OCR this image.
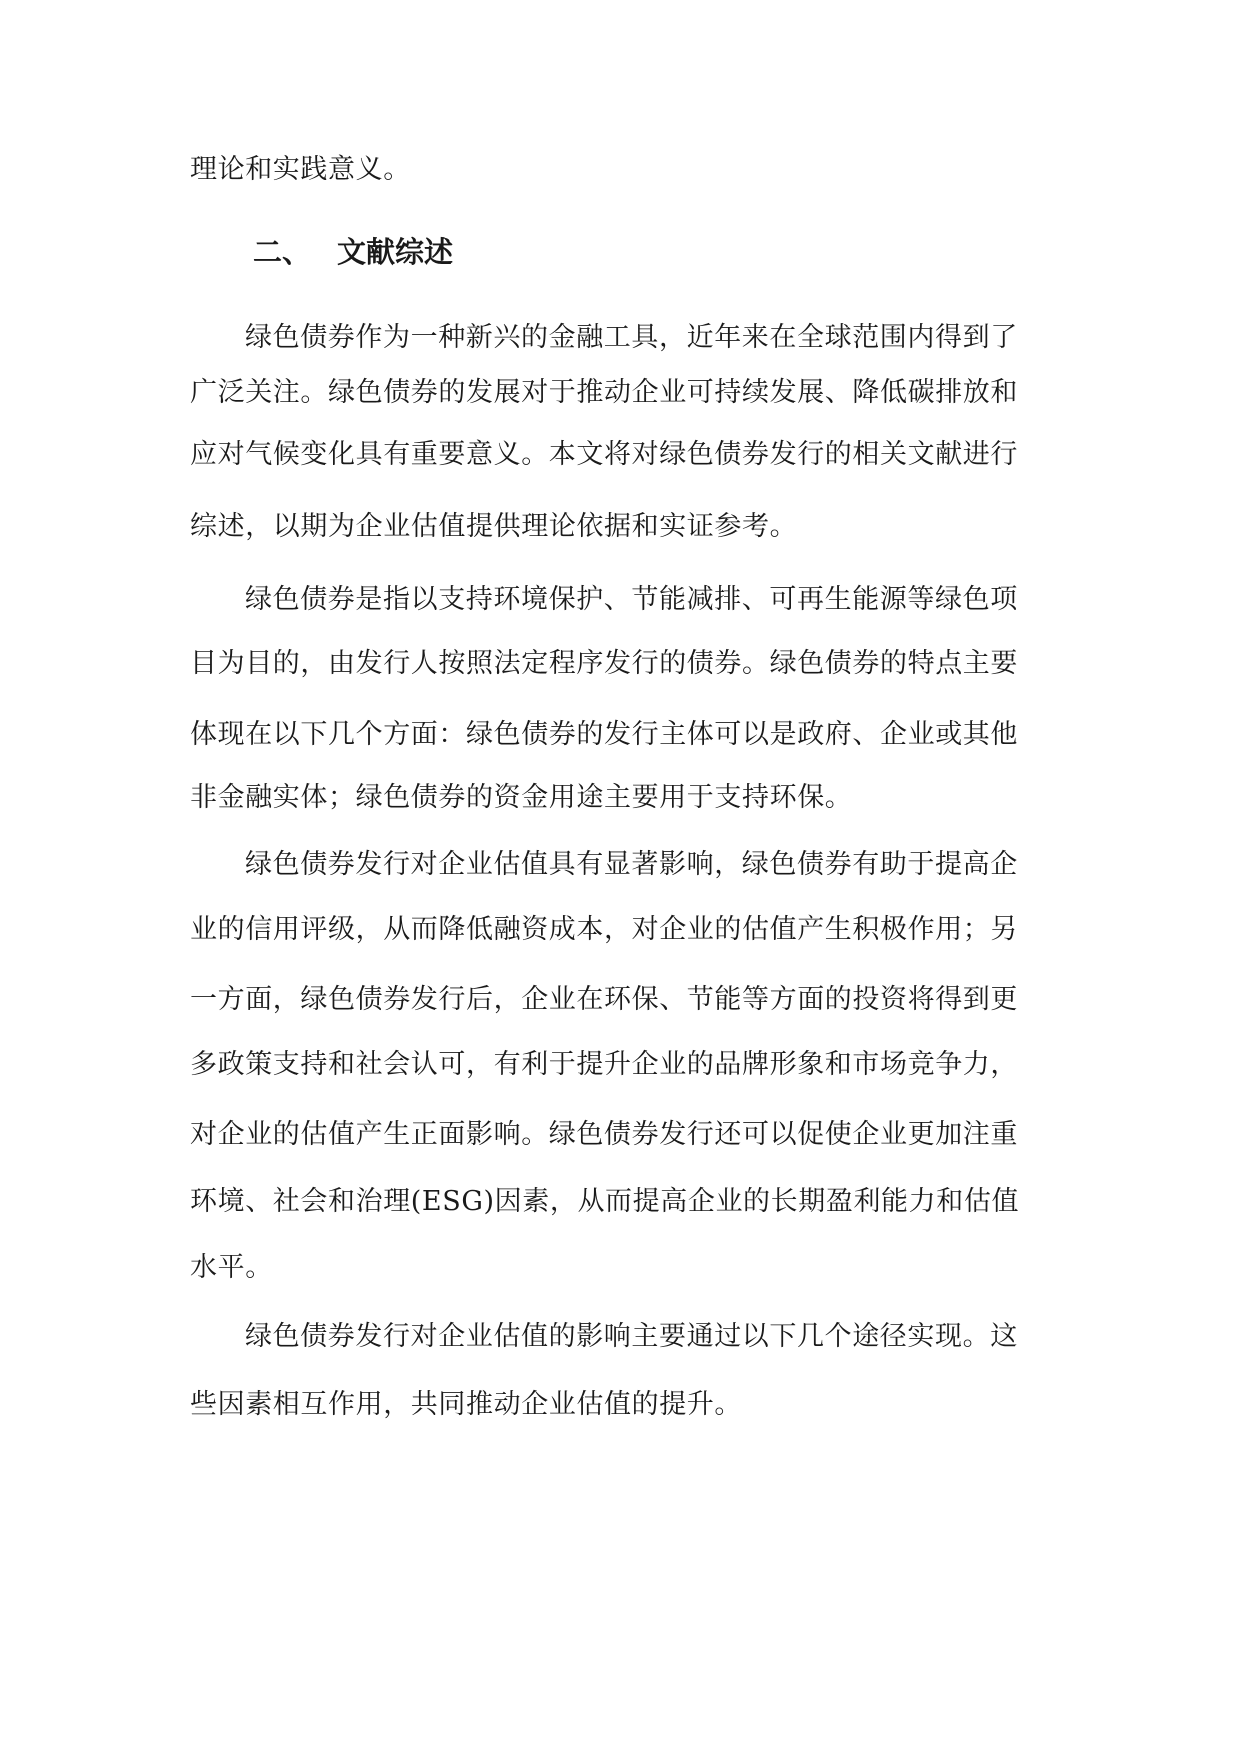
理论和实践意义。
二、 文献综述
绿色债券作为一种新兴的金融工具，近年来在全球范围内得到了
广泛关注。绿色债券的发展对于推动企业可持续发展、降低碳排放和
应对气候变化具有重要意义。本文将对绿色债券发行的相关文献进行
综述，以期为企业估值提供理论依据和实证参考。
绿色债券是指以支持环境保护、节能减排、可再生能源等绿色项
目为目的，由发行人按照法定程序发行的债券。绿色债券的特点主要
体现在以下几个方面：绿色债券的发行主体可以是政府、企业或其他
非金融实体；绿色债券的资金用途主要用于支持环保。
绿色债券发行对企业估值具有显著影响，绿色债券有助于提高企
业的信用评级，从而降低融资成本，对企业的估值产生积极作用；另
一方面，绿色债券发行后，企业在环保、节能等方面的投资将得到更
多政策支持和社会认可，有利于提升企业的品牌形象和市场竞争力，
对企业的估值产生正面影响。绿色债券发行还可以促使企业更加注重
环境、社会和治理(ESG)因素，从而提高企业的长期盈利能力和估值
水平。
绿色债券发行对企业估值的影响主要通过以下几个途径实现。这
些因素相互作用，共同推动企业估值的提升。
